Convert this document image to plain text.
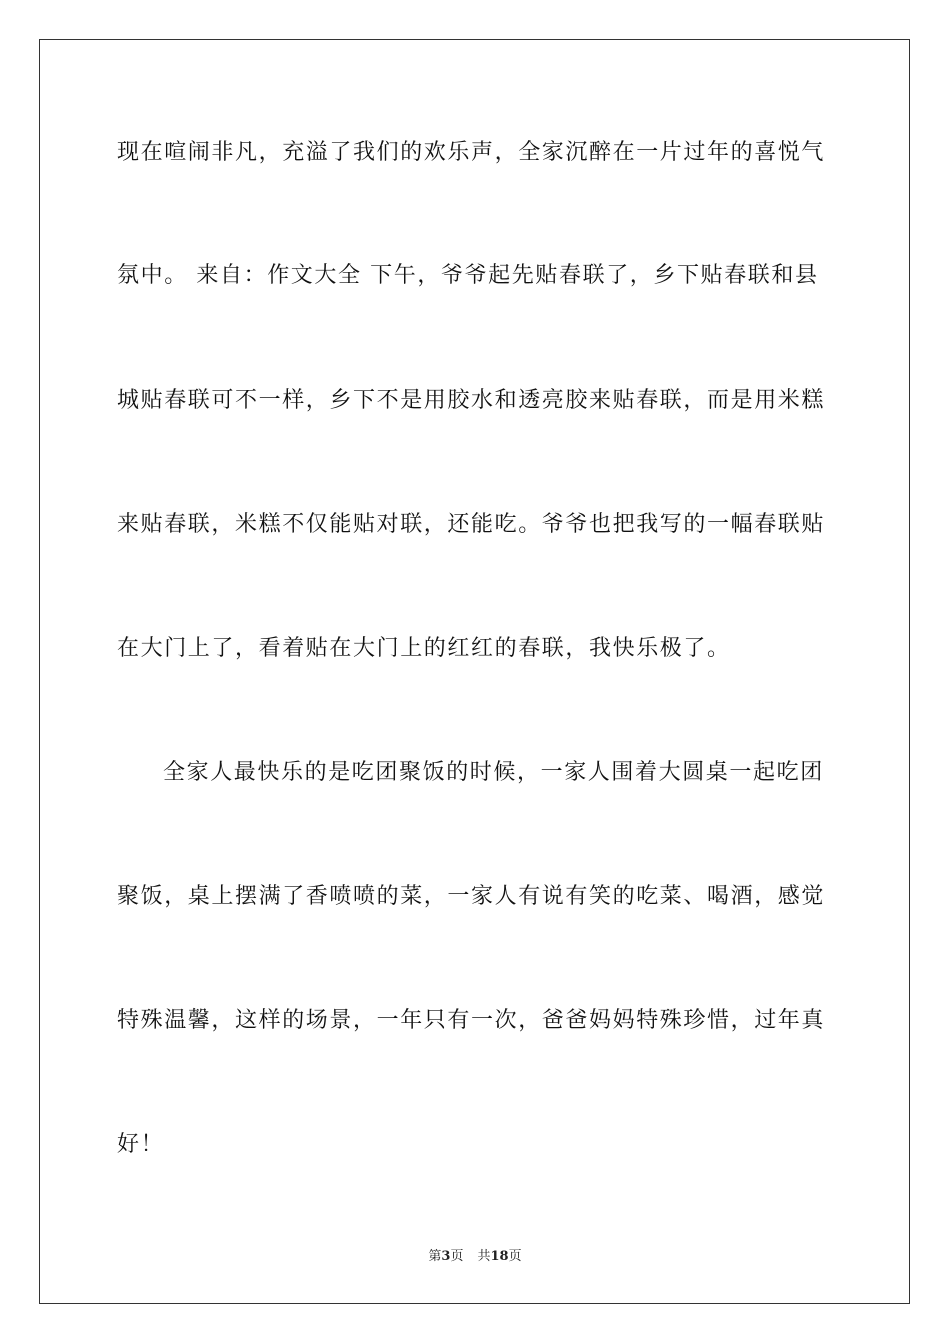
现在喧闹非凡，充溢了我们的欢乐声，全家沉醉在一片过年的喜悦气
氛中。 来自：作文大全 下午，爷爷起先贴春联了，乡下贴春联和县
城贴春联可不一样，乡下不是用胶水和透亮胶来贴春联，而是用米糕
来贴春联，米糕不仅能贴对联，还能吃。爷爷也把我写的一幅春联贴
在大门上了，看着贴在大门上的红红的春联，我快乐极了。
全家人最快乐的是吃团聚饭的时候，一家人围着大圆桌一起吃团
聚饭，桌上摆满了香喷喷的菜，一家人有说有笑的吃菜、喝酒，感觉
特殊温馨，这样的场景，一年只有一次，爸爸妈妈特殊珍惜，过年真
好！
第3页 共18页
